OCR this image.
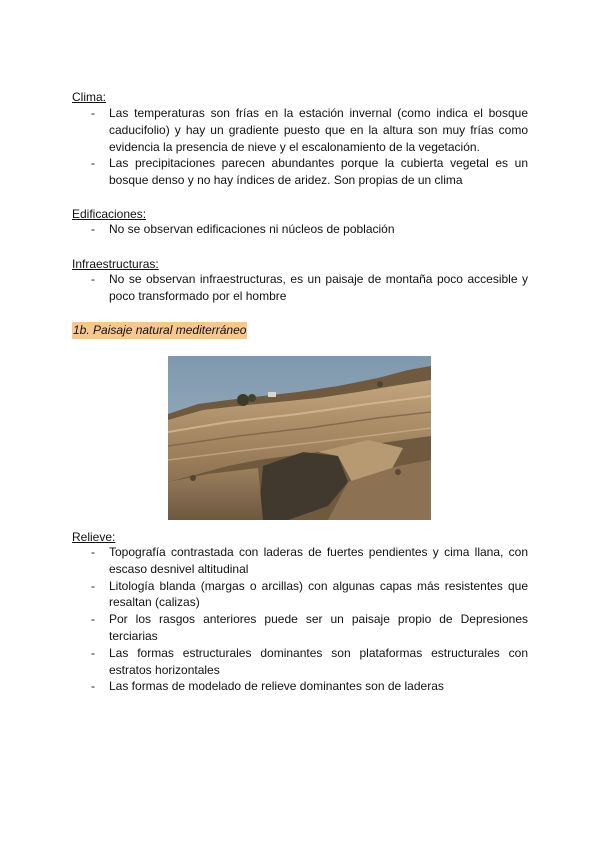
Clima:
- Las temperaturas son frías en la estación invernal (como indica el bosque caducifolio) y hay un gradiente puesto que en la altura son muy frías como evidencia la presencia de nieve y el escalonamiento de la vegetación.
- Las precipitaciones parecen abundantes porque la cubierta vegetal es un bosque denso y no hay índices de aridez. Son propias de un clima
Edificaciones:
- No se observan edificaciones ni núcleos de población
Infraestructuras:
- No se observan infraestructuras, es un paisaje de montaña poco accesible y poco transformado por el hombre
1b. Paisaje natural mediterráneo
Relieve:
- Topografía contrastada con laderas de fuertes pendientes y cima llana, con escaso desnivel altitudinal
- Litología blanda (margas o arcillas) con algunas capas más resistentes que resaltan (calizas)
- Por los rasgos anteriores puede ser un paisaje propio de Depresiones terciarias
- Las formas estructurales dominantes son plataformas estructurales con estratos horizontales
- Las formas de modelado de relieve dominantes son de laderas
